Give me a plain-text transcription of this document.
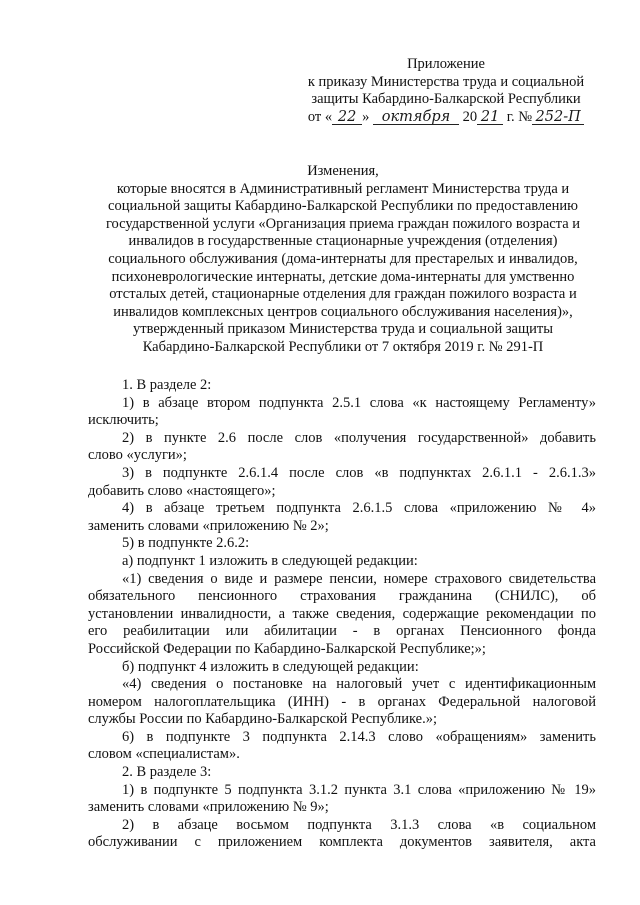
Приложение
к приказу Министерства труда и социальной
защиты Кабардино-Балкарской Республики
от « 22 » октября 20 21 г. № 252-П
Изменения,
которые вносятся в Административный регламент Министерства труда и
социальной защиты Кабардино-Балкарской Республики по предоставлению
государственной услуги «Организация приема граждан пожилого возраста и
инвалидов в государственные стационарные учреждения (отделения)
социального обслуживания (дома-интернаты для престарелых и инвалидов,
психоневрологические интернаты, детские дома-интернаты для умственно
отсталых детей, стационарные отделения для граждан пожилого возраста и
инвалидов комплексных центров социального обслуживания населения)»,
утвержденный приказом Министерства труда и социальной защиты
Кабардино-Балкарской Республики от 7 октября 2019 г. № 291-П
1. В разделе 2:
1) в абзаце втором подпункта 2.5.1 слова «к настоящему Регламенту»
исключить;
2) в пункте 2.6 после слов «получения государственной» добавить
слово «услуги»;
3) в подпункте 2.6.1.4 после слов «в подпунктах 2.6.1.1 - 2.6.1.3»
добавить слово «настоящего»;
4) в абзаце третьем подпункта 2.6.1.5 слова «приложению № 4»
заменить словами «приложению № 2»;
5) в подпункте 2.6.2:
а) подпункт 1 изложить в следующей редакции:
«1) сведения о виде и размере пенсии, номере страхового свидетельства
обязательного пенсионного страхования гражданина (СНИЛС), об
установлении инвалидности, а также сведения, содержащие рекомендации по
его реабилитации или абилитации - в органах Пенсионного фонда
Российской Федерации по Кабардино-Балкарской Республике;»;
б) подпункт 4 изложить в следующей редакции:
«4) сведения о постановке на налоговый учет с идентификационным
номером налогоплательщика (ИНН) - в органах Федеральной налоговой
службы России по Кабардино-Балкарской Республике.»;
6) в подпункте 3 подпункта 2.14.3 слово «обращениям» заменить
словом «специалистам».
2. В разделе 3:
1) в подпункте 5 подпункта 3.1.2 пункта 3.1 слова «приложению № 19»
заменить словами «приложению № 9»;
2) в абзаце восьмом подпункта 3.1.3 слова «в социальном
обслуживании с приложением комплекта документов заявителя, акта
